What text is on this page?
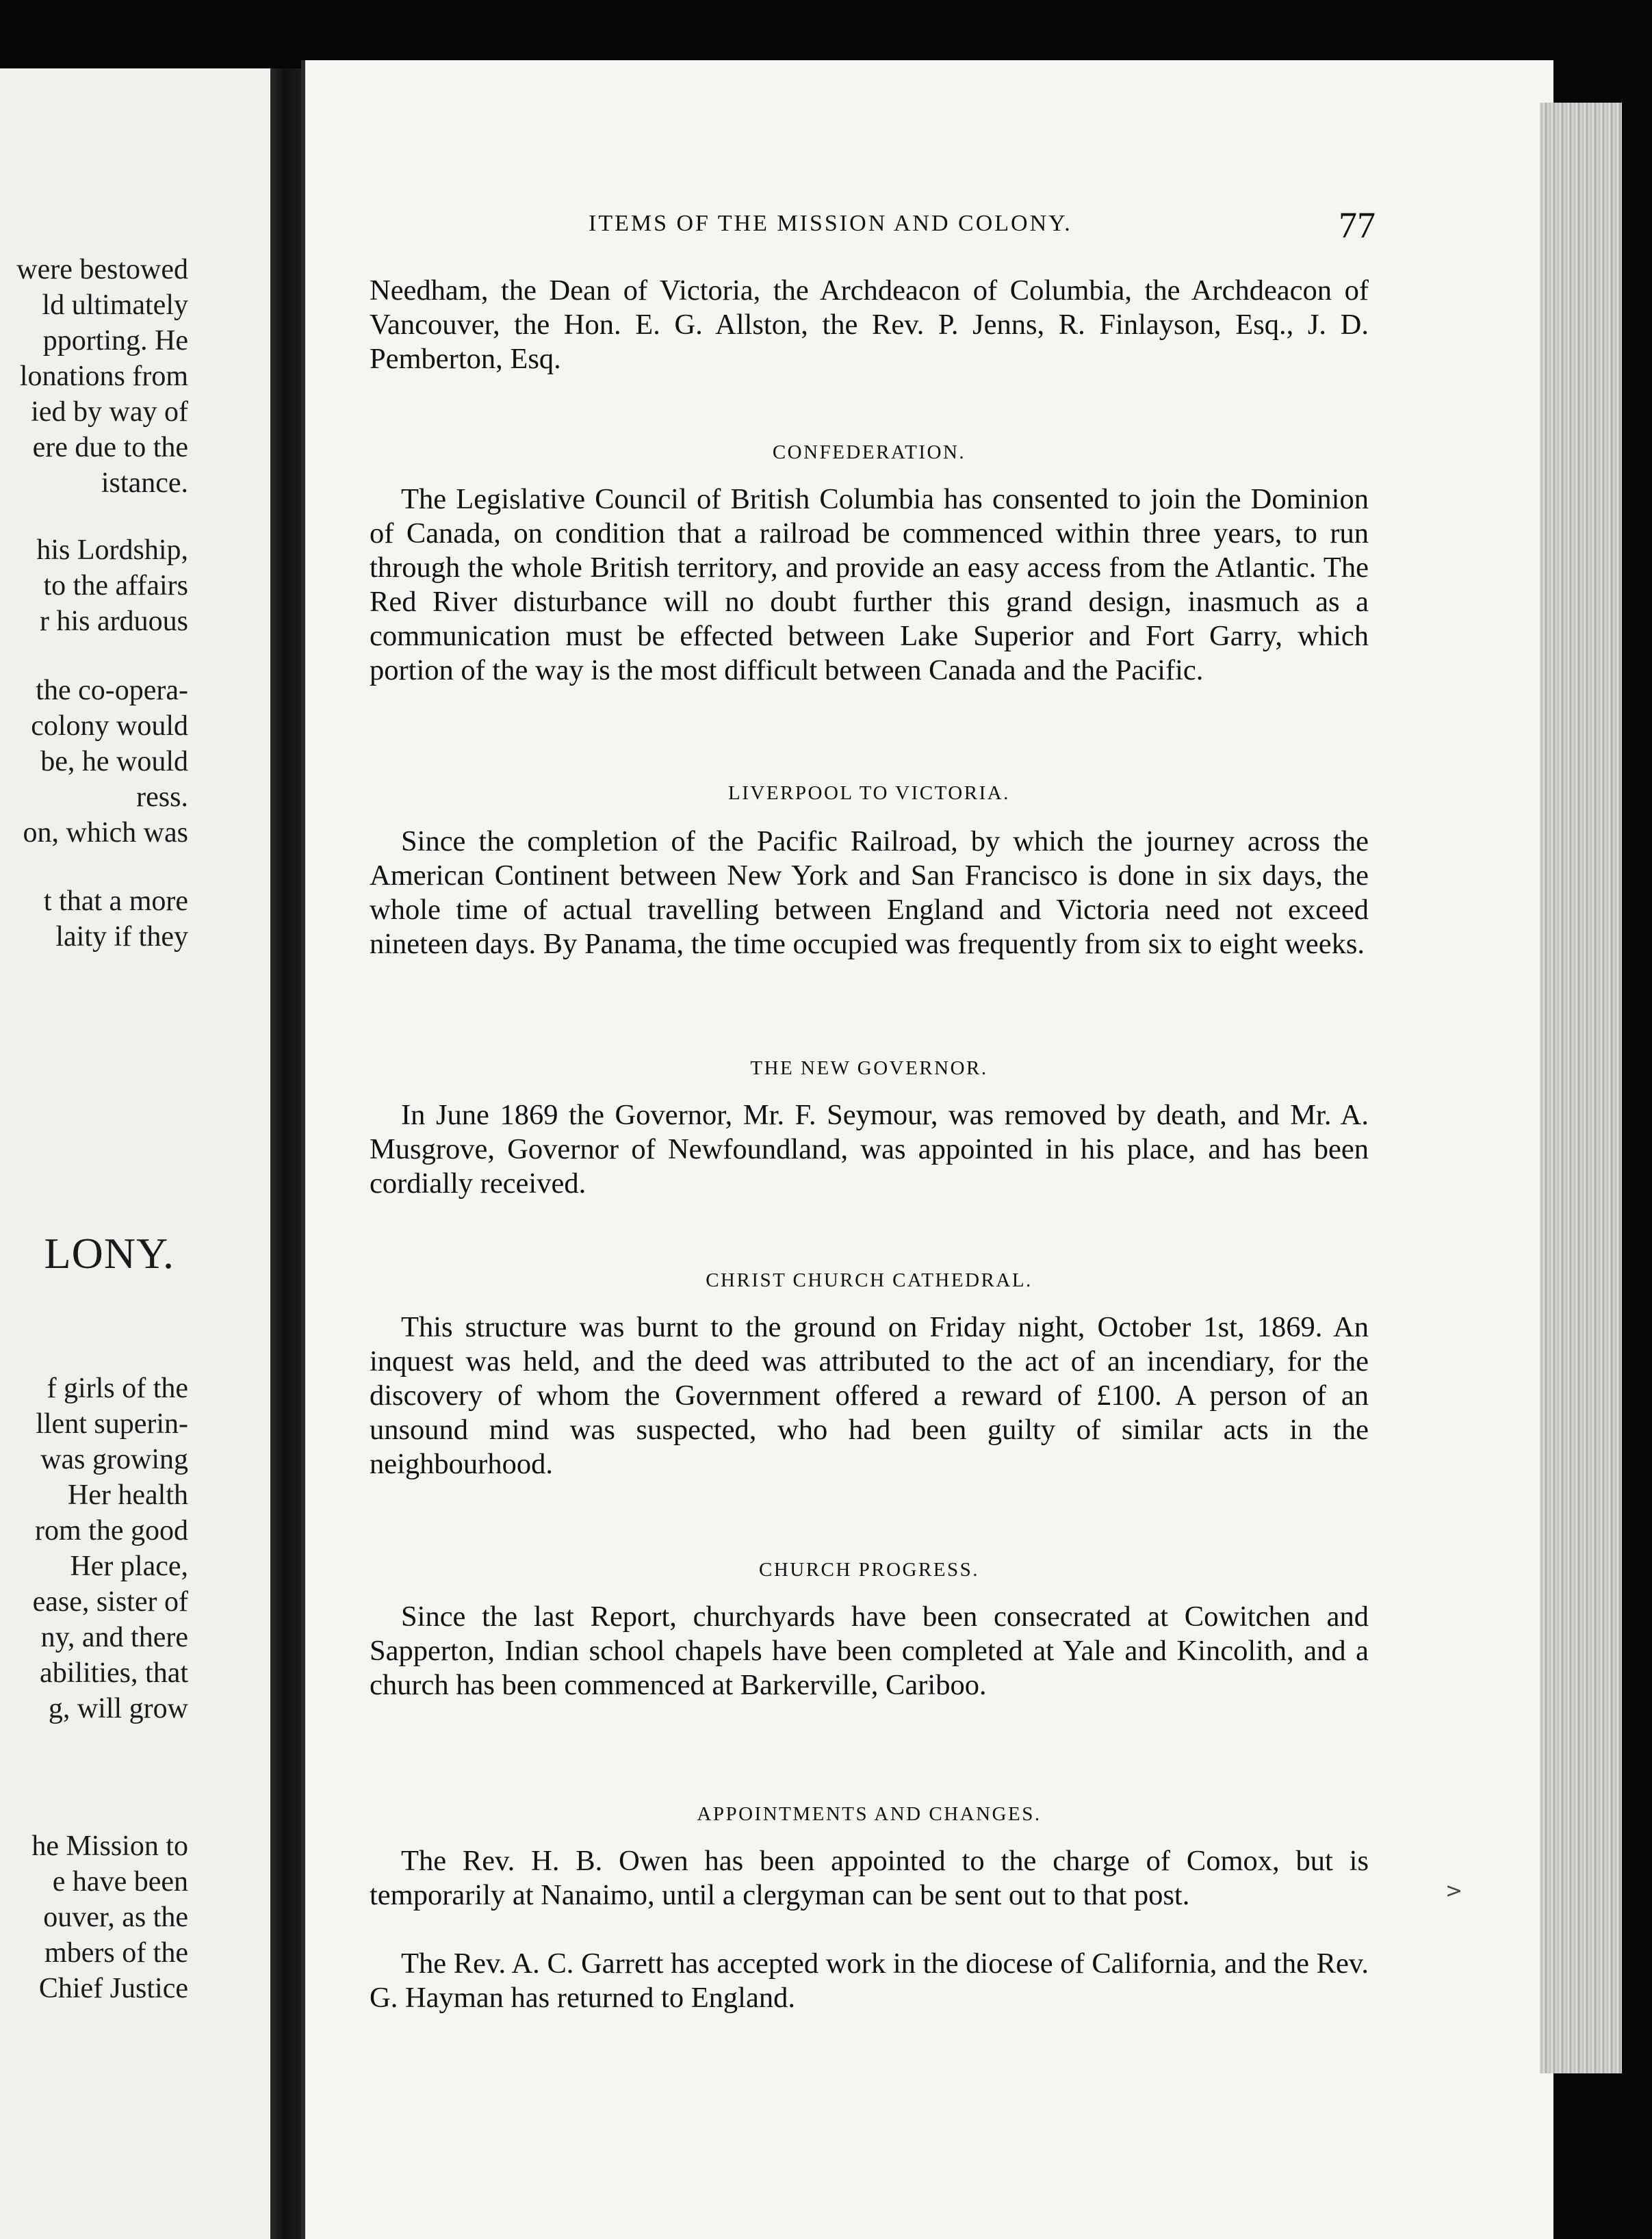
were bestowed
ld ultimately
pporting. He
lonations from
ied by way of
ere due to the
istance.
his Lordship,
to the affairs
r his arduous
the co-opera-
colony would
be, he would
ress.
on, which was
t that a more
laity if they
LONY.
f girls of the
llent superin-
was growing
Her health
rom the good
Her place,
ease, sister of
ny, and there
abilities, that
g, will grow
he Mission to
e have been
ouver, as the
mbers of the
Chief Justice
ITEMS OF THE MISSION AND COLONY.	77

Needham, the Dean of Victoria, the Archdeacon of Columbia, the Archdeacon of Vancouver, the Hon. E. G. Allston, the Rev. P. Jenns, R. Finlayson, Esq., J. D. Pemberton, Esq.

CONFEDERATION.

The Legislative Council of British Columbia has consented to join the Dominion of Canada, on condition that a railroad be commenced within three years, to run through the whole British territory, and provide an easy access from the Atlantic. The Red River disturbance will no doubt further this grand design, inasmuch as a communication must be effected between Lake Superior and Fort Garry, which portion of the way is the most difficult between Canada and the Pacific.

LIVERPOOL TO VICTORIA.

Since the completion of the Pacific Railroad, by which the journey across the American Continent between New York and San Francisco is done in six days, the whole time of actual travelling between England and Victoria need not exceed nineteen days. By Panama, the time occupied was frequently from six to eight weeks.

THE NEW GOVERNOR.

In June 1869 the Governor, Mr. F. Seymour, was removed by death, and Mr. A. Musgrove, Governor of Newfoundland, was appointed in his place, and has been cordially received.

CHRIST CHURCH CATHEDRAL.

This structure was burnt to the ground on Friday night, October 1st, 1869. An inquest was held, and the deed was attributed to the act of an incendiary, for the discovery of whom the Government offered a reward of £100. A person of an unsound mind was suspected, who had been guilty of similar acts in the neighbourhood.

CHURCH PROGRESS.

Since the last Report, churchyards have been consecrated at Cowitchen and Sapperton, Indian school chapels have been completed at Yale and Kincolith, and a church has been commenced at Barkerville, Cariboo.

APPOINTMENTS AND CHANGES.

The Rev. H. B. Owen has been appointed to the charge of Comox, but is temporarily at Nanaimo, until a clergyman can be sent out to that post.

The Rev. A. C. Garrett has accepted work in the diocese of California, and the Rev. G. Hayman has returned to England.

>
